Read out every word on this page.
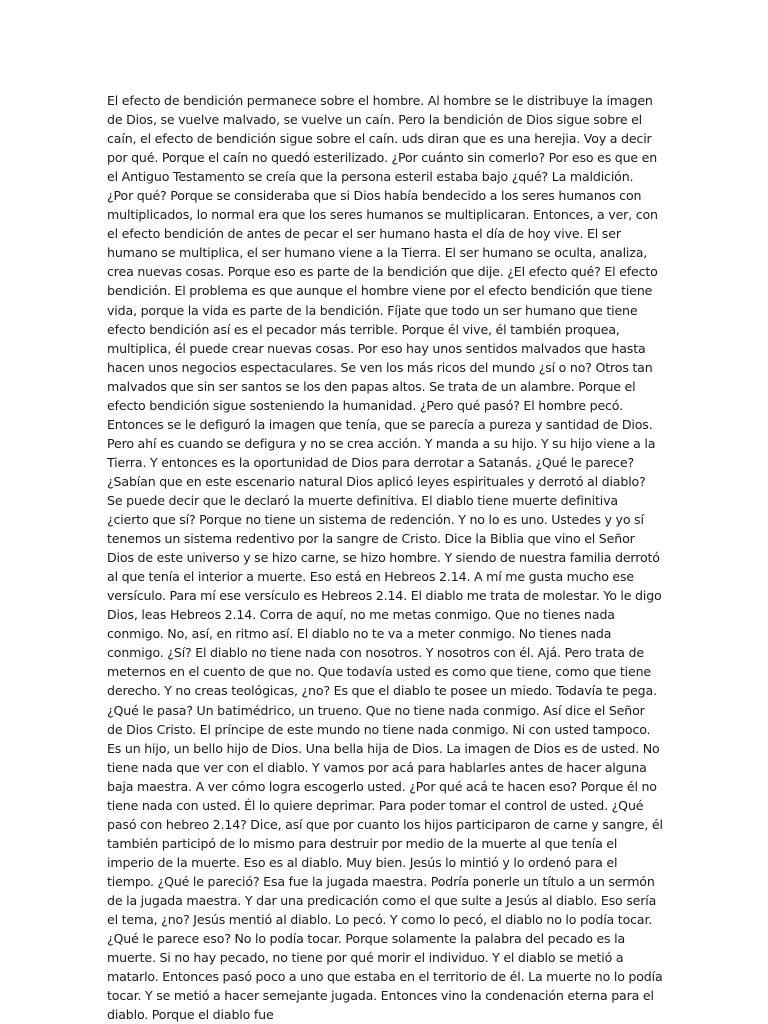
El efecto de bendición permanece sobre el hombre. Al hombre se le distribuye la imagen de Dios, se vuelve malvado, se vuelve un caín. Pero la bendición de Dios sigue sobre el caín, el efecto de bendición sigue sobre el caín. uds diran que es una herejia. Voy a decir por qué. Porque el caín no quedó esterilizado. ¿Por cuánto sin comerlo? Por eso es que en el Antiguo Testamento se creía que la persona esteril estaba bajo ¿qué? La maldición. ¿Por qué? Porque se consideraba que si Dios había bendecido a los seres humanos con multiplicados, lo normal era que los seres humanos se multiplicaran. Entonces, a ver, con el efecto bendición de antes de pecar el ser humano hasta el día de hoy vive. El ser humano se multiplica, el ser humano viene a la Tierra. El ser humano se oculta, analiza, crea nuevas cosas. Porque eso es parte de la bendición que dije. ¿El efecto qué? El efecto bendición. El problema es que aunque el hombre viene por el efecto bendición que tiene vida, porque la vida es parte de la bendición. Fíjate que todo un ser humano que tiene efecto bendición así es el pecador más terrible. Porque él vive, él también proquea, multiplica, él puede crear nuevas cosas. Por eso hay unos sentidos malvados que hasta hacen unos negocios espectaculares. Se ven los más ricos del mundo ¿sí o no? Otros tan malvados que sin ser santos se los den papas altos. Se trata de un alambre. Porque el efecto bendición sigue sosteniendo la humanidad. ¿Pero qué pasó? El hombre pecó. Entonces se le defiguró la imagen que tenía, que se parecía a pureza y santidad de Dios. Pero ahí es cuando se defigura y no se crea acción. Y manda a su hijo. Y su hijo viene a la Tierra. Y entonces es la oportunidad de Dios para derrotar a Satanás. ¿Qué le parece? ¿Sabían que en este escenario natural Dios aplicó leyes espirituales y derrotó al diablo? Se puede decir que le declaró la muerte definitiva. El diablo tiene muerte definitiva ¿cierto que sí? Porque no tiene un sistema de redención. Y no lo es uno. Ustedes y yo sí tenemos un sistema redentivo por la sangre de Cristo. Dice la Biblia que vino el Señor Dios de este universo y se hizo carne, se hizo hombre. Y siendo de nuestra familia derrotó al que tenía el interior a muerte. Eso está en Hebreos 2.14. A mí me gusta mucho ese versículo. Para mí ese versículo es Hebreos 2.14. El diablo me trata de molestar. Yo le digo Dios, leas Hebreos 2.14. Corra de aquí, no me metas conmigo. Que no tienes nada conmigo. No, así, en ritmo así. El diablo no te va a meter conmigo. No tienes nada conmigo. ¿Sí? El diablo no tiene nada con nosotros. Y nosotros con él. Ajá. Pero trata de meternos en el cuento de que no. Que todavía usted es como que tiene, como que tiene derecho. Y no creas teológicas, ¿no? Es que el diablo te posee un miedo. Todavía te pega. ¿Qué le pasa? Un batimédrico, un trueno. Que no tiene nada conmigo. Así dice el Señor de Dios Cristo. El príncipe de este mundo no tiene nada conmigo. Ni con usted tampoco. Es un hijo, un bello hijo de Dios. Una bella hija de Dios. La imagen de Dios es de usted. No tiene nada que ver con el diablo. Y vamos por acá para hablarles antes de hacer alguna baja maestra. A ver cómo logra escogerlo usted. ¿Por qué acá te hacen eso? Porque él no tiene nada con usted. Él lo quiere deprimar. Para poder tomar el control de usted. ¿Qué pasó con hebreo 2.14? Dice, así que por cuanto los hijos participaron de carne y sangre, él también participó de lo mismo para destruir por medio de la muerte al que tenía el imperio de la muerte. Eso es al diablo. Muy bien. Jesús lo mintió y lo ordenó para el tiempo. ¿Qué le pareció? Esa fue la jugada maestra. Podría ponerle un título a un sermón de la jugada maestra. Y dar una predicación como el que sulte a Jesús al diablo. Eso sería el tema, ¿no? Jesús mentió al diablo. Lo pecó. Y como lo pecó, el diablo no lo podía tocar. ¿Qué le parece eso? No lo podía tocar. Porque solamente la palabra del pecado es la muerte. Si no hay pecado, no tiene por qué morir el individuo. Y el diablo se metió a matarlo. Entonces pasó poco a uno que estaba en el territorio de él. La muerte no lo podía tocar. Y se metió a hacer semejante jugada. Entonces vino la condenación eterna para el diablo. Porque el diablo fue
